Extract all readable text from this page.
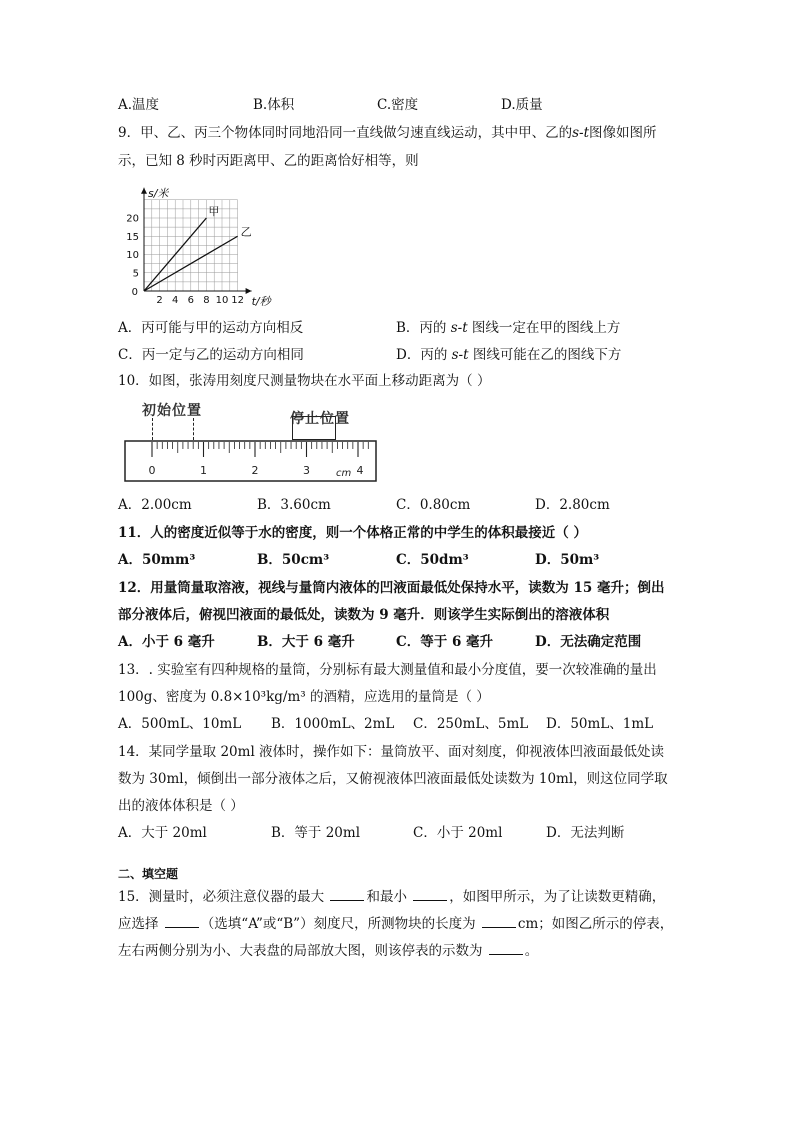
A.温度	B.体积	C.密度	D.质量
9．甲、乙、丙三个物体同时同地沿同一直线做匀速直线运动，其中甲、乙的s-t图像如图所
示，已知 8 秒时丙距离甲、乙的距离恰好相等，则
2 4 6 8 10 12
5
10
15
20
0
s/米
t/秒
甲
乙
A．丙可能与甲的运动方向相反	B．丙的 s-t 图线一定在甲的图线上方
C．丙一定与乙的运动方向相同	D．丙的 s-t 图线可能在乙的图线下方
10．如图，张涛用刻度尺测量物块在水平面上移动距离为（ ）
初始位置	停止位置
0	1	2	3	4
cm
A．2.00cm	B．3.60cm	C．0.80cm	D．2.80cm
11．人的密度近似等于水的密度，则一个体格正常的中学生的体积最接近（ ）
A．50mm³	B．50cm³	C．50dm³	D．50m³
12．用量筒量取溶液，视线与量筒内液体的凹液面最低处保持水平，读数为 15 毫升；倒出
部分液体后，俯视凹液面的最低处，读数为 9 毫升．则该学生实际倒出的溶液体积
A．小于 6 毫升	B．大于 6 毫升	C．等于 6 毫升	D．无法确定范围
13．. 实验室有四种规格的量筒，分别标有最大测量值和最小分度值，要一次较准确的量出
100g、密度为 0.8×10³kg/m³ 的酒精，应选用的量筒是（ ）
A．500mL、10mL B．1000mL、2mL C．250mL、5mL D．50mL、1mL
14．某同学量取 20ml 液体时，操作如下：量筒放平、面对刻度，仰视液体凹液面最低处读
数为 30ml，倾倒出一部分液体之后，又俯视液体凹液面最低处读数为 10ml，则这位同学取
出的液体体积是（ ）
A．大于 20ml	B．等于 20ml	C．小于 20ml	D．无法判断
二、填空题
15．测量时，必须注意仪器的最大	和最小	，如图甲所示，为了让读数更精确，
应选择	（选填“A”或“B”）刻度尺，所测物块的长度为	cm；如图乙所示的停表，
左右两侧分别为小、大表盘的局部放大图，则该停表的示数为	。
